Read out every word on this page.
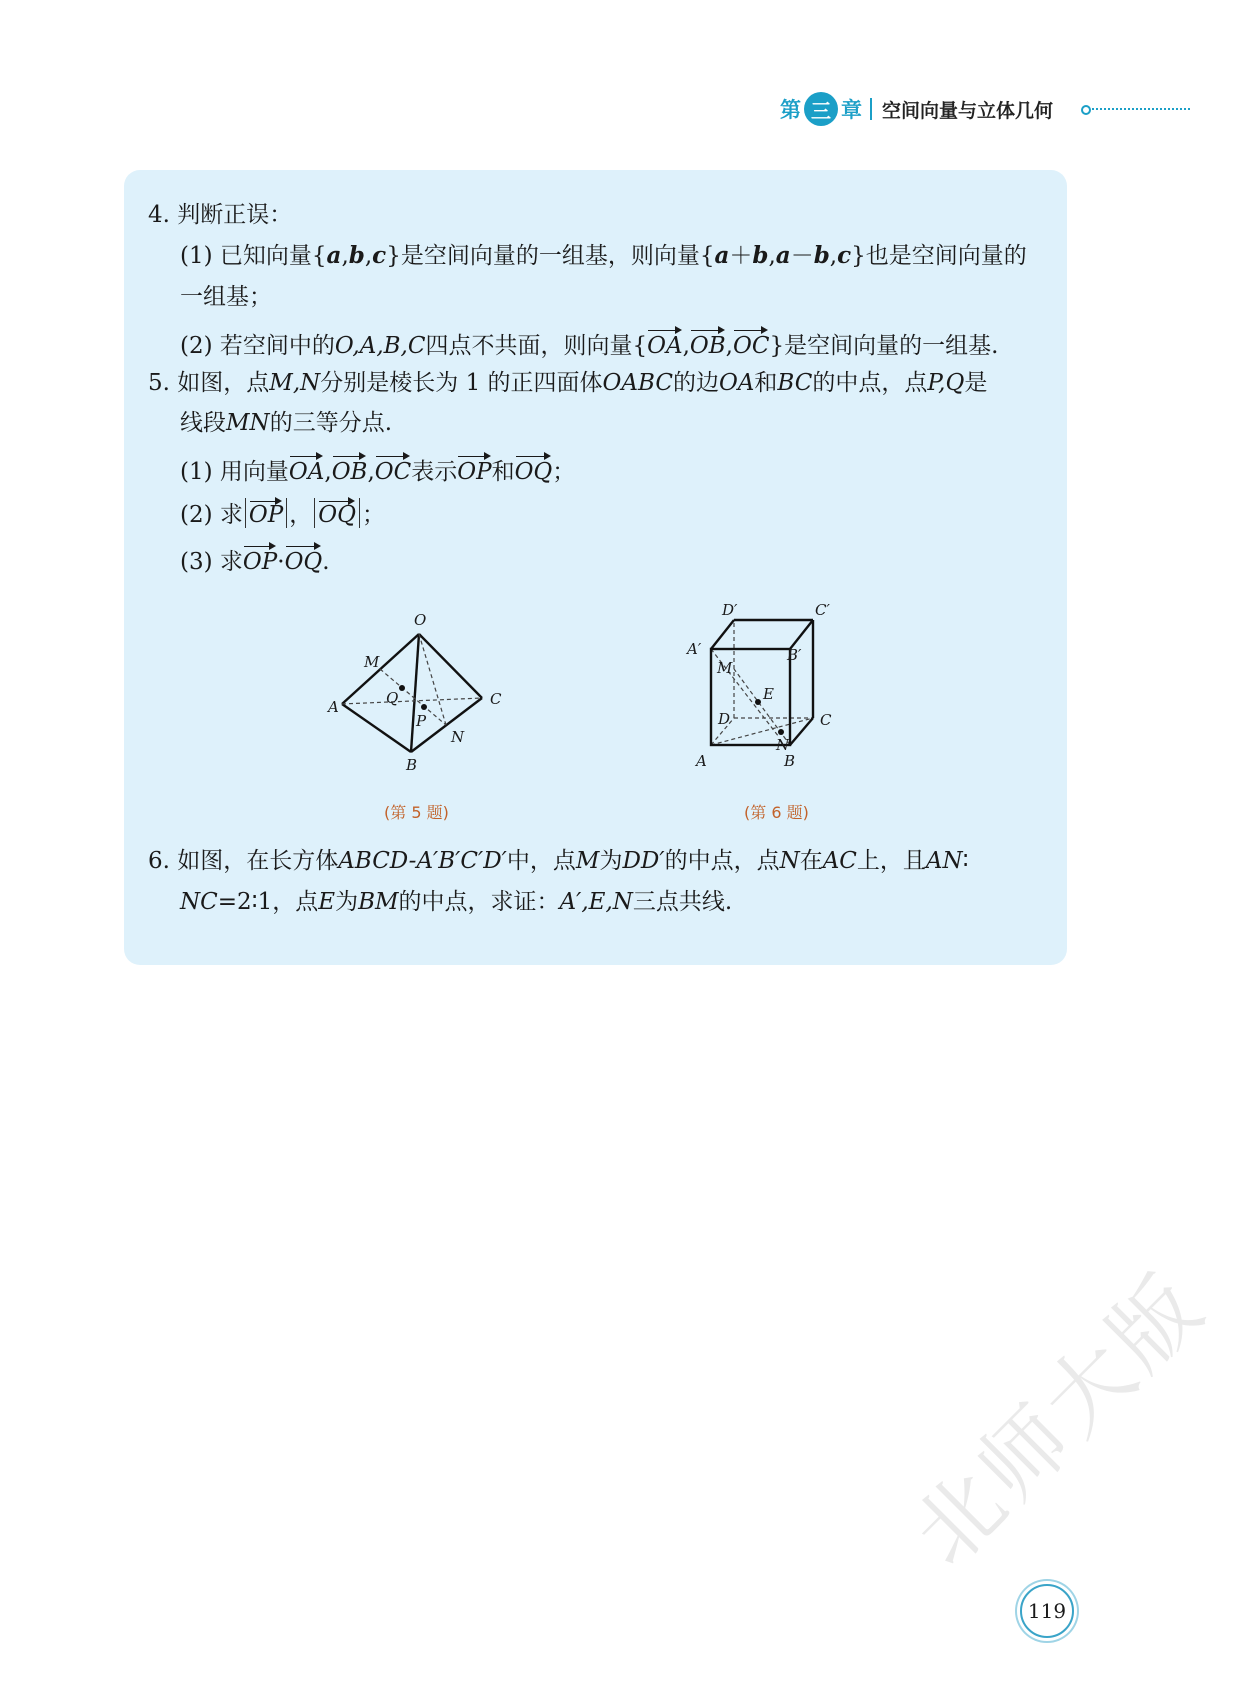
第 三 章 空间向量与立体几何
4. 判断正误：
(1) 已知向量{a,b,c}是空间向量的一组基，则向量{a＋b,a－b,c}也是空间向量的
一组基；
(2) 若空间中的O,A,B,C四点不共面，则向量{OA,OB,OC}是空间向量的一组基.
5. 如图，点M,N分别是棱长为 1 的正四面体OABC的边OA和BC的中点，点P,Q是
线段MN的三等分点.
(1) 用向量OA,OB,OC表示OP和OQ；
(2) 求 OP ， OQ ；
(3) 求OP·OQ.
O
M
Q	C
A
P
N
B
(第 5 题)
D′	C′
A′	B′
M
E
D	C
N
A	B
(第 6 题)
6. 如图，在长方体ABCD-A′B′C′D′中，点M为DD′的中点，点N在AC上，且AN∶
NC=2∶1，点E为BM的中点，求证：A′,E,N三点共线.
北师大版
119
